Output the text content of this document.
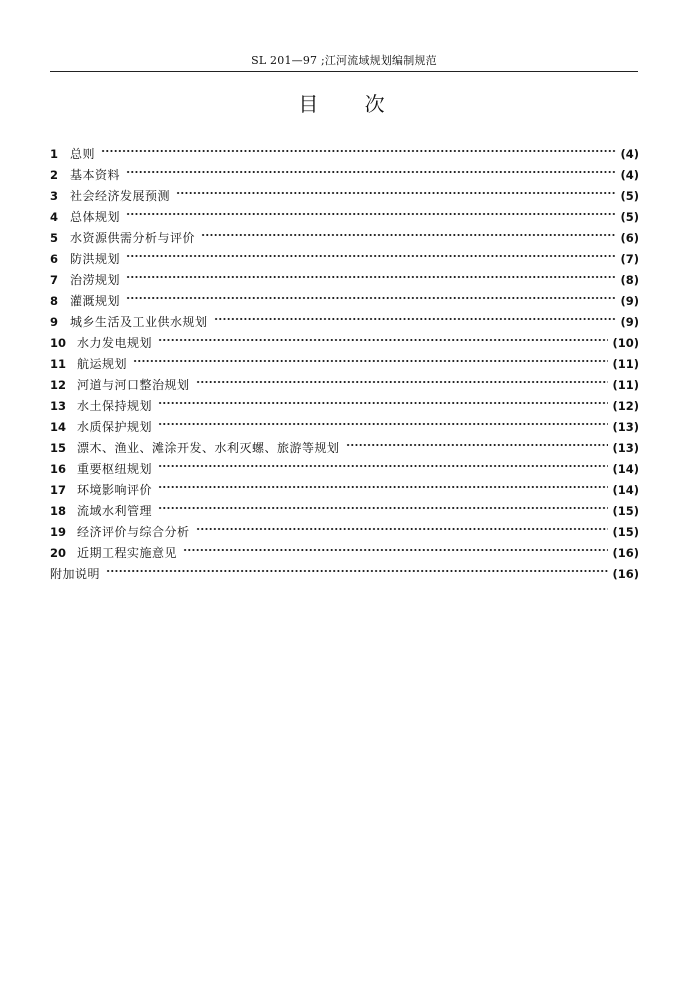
SL 201—97 ;江河流域规划编制规范
目 次
1 总则	(4)
2 基本资料	(4)
3 社会经济发展预测	(5)
4 总体规划	(5)
5 水资源供需分析与评价	(6)
6 防洪规划	(7)
7 治涝规划	(8)
8 灌溉规划	(9)
9 城乡生活及工业供水规划	(9)
10 水力发电规划	(10)
11 航运规划	(11)
12 河道与河口整治规划	(11)
13 水土保持规划	(12)
14 水质保护规划	(13)
15 漂木、渔业、滩涂开发、水利灭螺、旅游等规划	(13)
16 重要枢纽规划	(14)
17 环境影响评价	(14)
18 流域水利管理	(15)
19 经济评价与综合分析	(15)
20 近期工程实施意见	(16)
附加说明	(16)
